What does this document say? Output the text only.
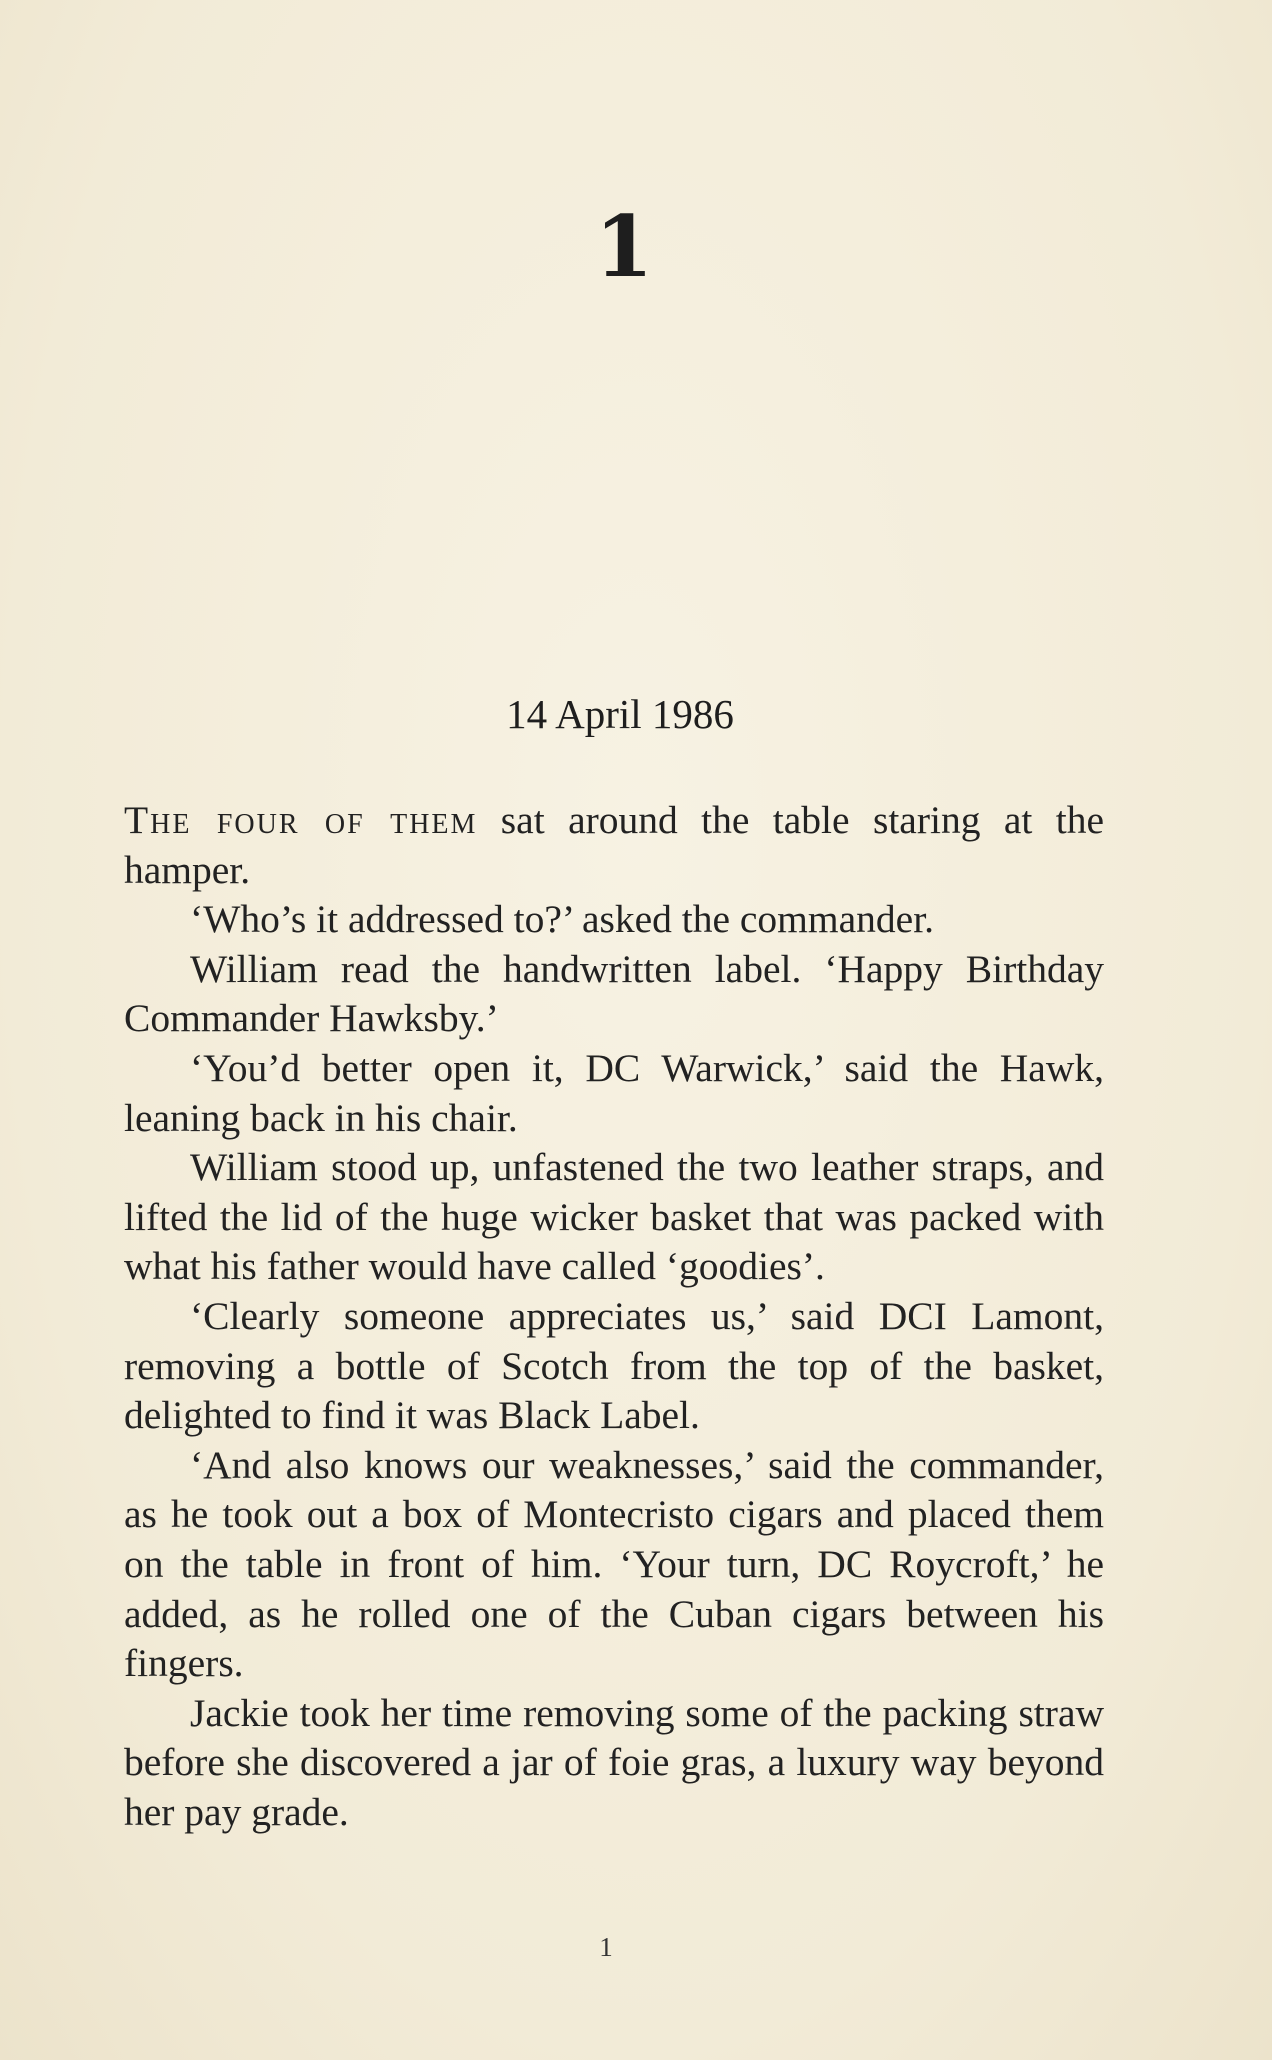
1
14 April 1986

The four of them sat around the table staring at the hamper.

‘Who’s it addressed to?’ asked the commander.

William read the handwritten label. ‘Happy Birthday Commander Hawksby.’

‘You’d better open it, DC Warwick,’ said the Hawk, leaning back in his chair.

William stood up, unfastened the two leather straps, and lifted the lid of the huge wicker basket that was packed with what his father would have called ‘goodies’.

‘Clearly someone appreciates us,’ said DCI Lamont, removing a bottle of Scotch from the top of the basket, delighted to find it was Black Label.

‘And also knows our weaknesses,’ said the commander, as he took out a box of Montecristo cigars and placed them on the table in front of him. ‘Your turn, DC Roycroft,’ he added, as he rolled one of the Cuban cigars between his fingers.

Jackie took her time removing some of the packing straw before she discovered a jar of foie gras, a luxury way beyond her pay grade.

1
